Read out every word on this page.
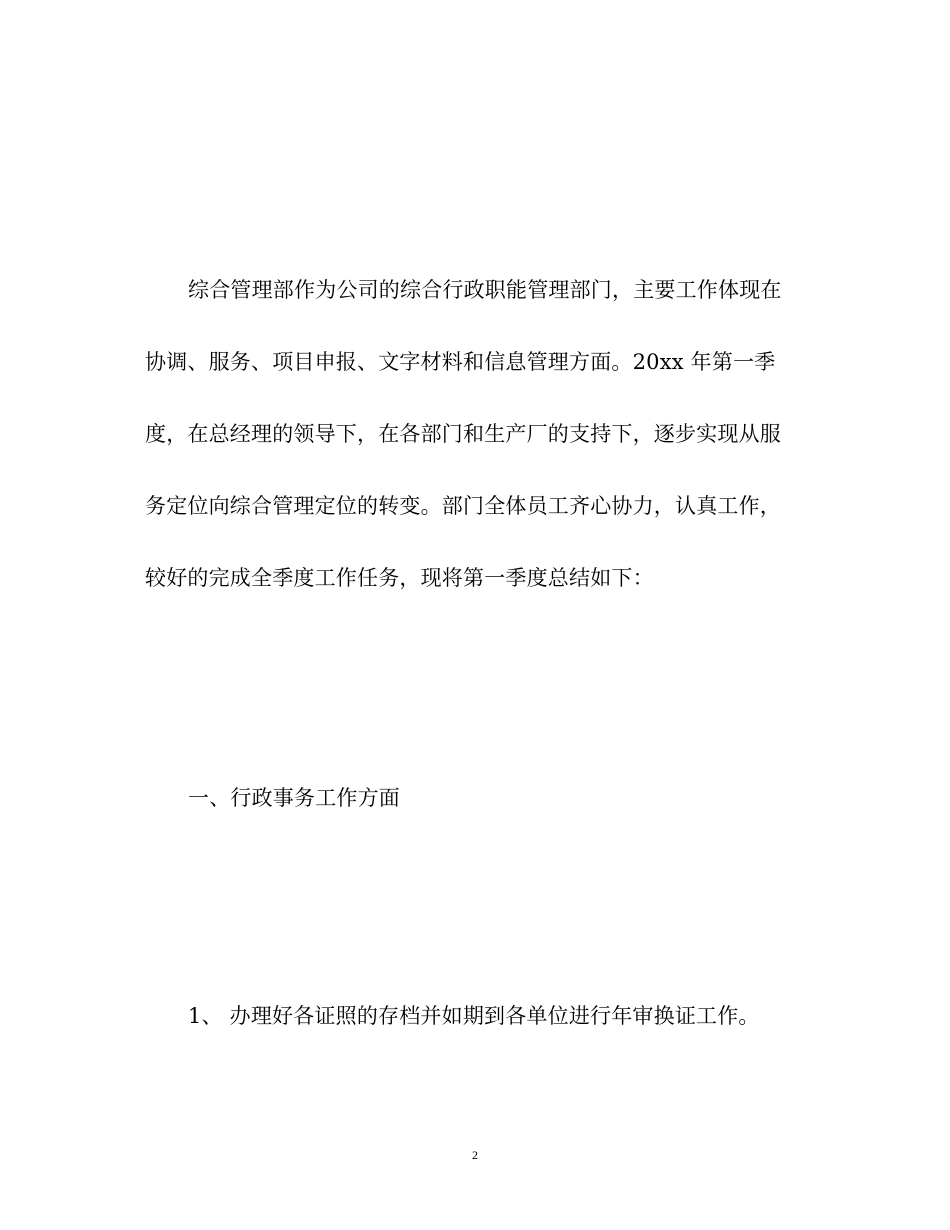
综合管理部作为公司的综合行政职能管理部门，主要工作体现在
协调、服务、项目申报、文字材料和信息管理方面。20xx 年第一季
度，在总经理的领导下，在各部门和生产厂的支持下，逐步实现从服
务定位向综合管理定位的转变。部门全体员工齐心协力，认真工作，
较好的完成全季度工作任务，现将第一季度总结如下：
一、行政事务工作方面
1、 办理好各证照的存档并如期到各单位进行年审换证工作。
2
